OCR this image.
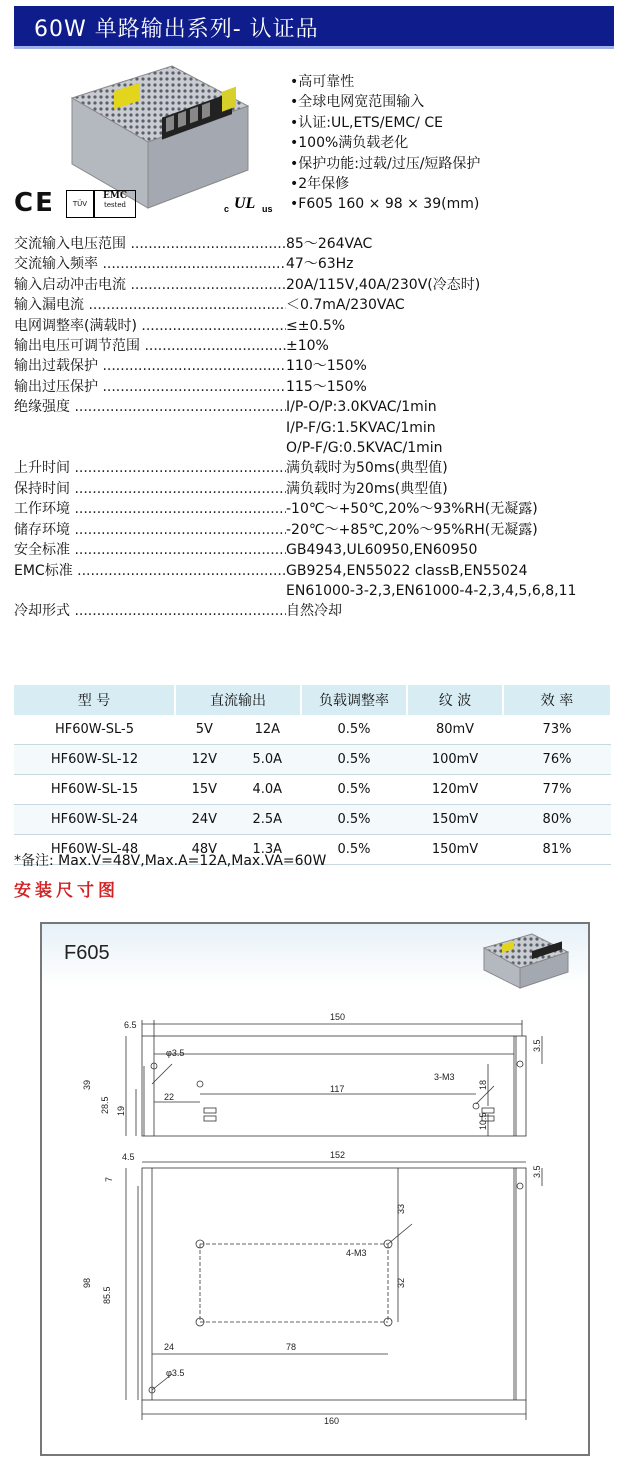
60W 单路输出系列- 认证品
CE	TÜV
EMC
tested	c UL us
• 高可靠性
• 全球电网宽范围输入
• 认证:UL,ETS/EMC/ CE
• 100%满负载老化
• 保护功能:过载/过压/短路保护
• 2年保修
• F605 160 × 98 × 39(mm)
交流输入电压范围 .....	85～264VAC
交流输入频率 .....	47～63Hz
输入启动冲击电流 .....	20A/115V,40A/230V(冷态时)
输入漏电流 .....	＜0.7mA/230VAC
电网调整率(满载时) .....	≤±0.5%
输出电压可调节范围 .....	±10%
输出过载保护 .....	110～150%
输出过压保护 .....	115～150%
绝缘强度 .....	I/P-O/P:3.0KVAC/1min
I/P-F/G:1.5KVAC/1min
O/P-F/G:0.5KVAC/1min
上升时间 .....	满负载时为50ms(典型值)
保持时间 .....	满负载时为20ms(典型值)
工作环境 .....	-10℃～+50℃,20%～93%RH(无凝露)
储存环境 .....	-20℃～+85℃,20%～95%RH(无凝露)
安全标准 .....	GB4943,UL60950,EN60950
EMC标准 .....	GB9254,EN55022 classB,EN55024
EN61000-3-2,3,EN61000-4-2,3,4,5,6,8,11
冷却形式 .....	自然冷却
型 号	直流输出		负载调整率	纹 波	效 率
HF60W-SL-5	5V	12A	0.5%	80mV	73%
HF60W-SL-12	12V	5.0A	0.5%	100mV	76%
HF60W-SL-15	15V	4.0A	0.5%	120mV	77%
HF60W-SL-24	24V	2.5A	0.5%	150mV	80%
HF60W-SL-48	48V	1.3A	0.5%	150mV	81%
*备注: Max.V=48V,Max.A=12A,Max.VA=60W
安装尺寸图
F605
6.5
150
3.5
φ3.5
39
28.5 19
22
117
3-M3
18
10.5
4.5	152
7
3.5
33
4-M3
98
85.5
32
24	78
φ3.5
160
